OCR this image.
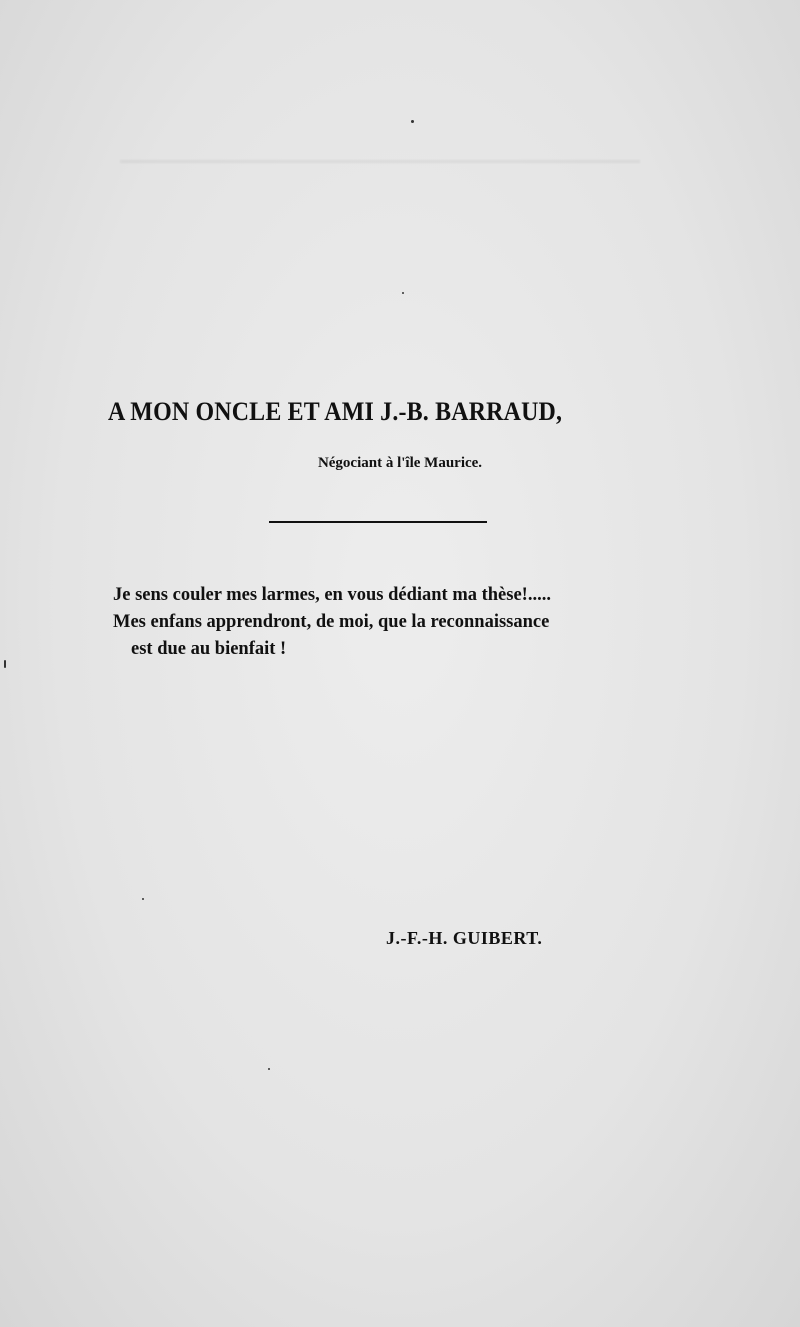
A MON ONCLE ET AMI J.-B. BARRAUD,
Négociant à l'île Maurice.
Je sens couler mes larmes, en vous dédiant ma thèse!.....
Mes enfans apprendront, de moi, que la reconnaissance
est due au bienfait !
J.-F.-H. GUIBERT.
